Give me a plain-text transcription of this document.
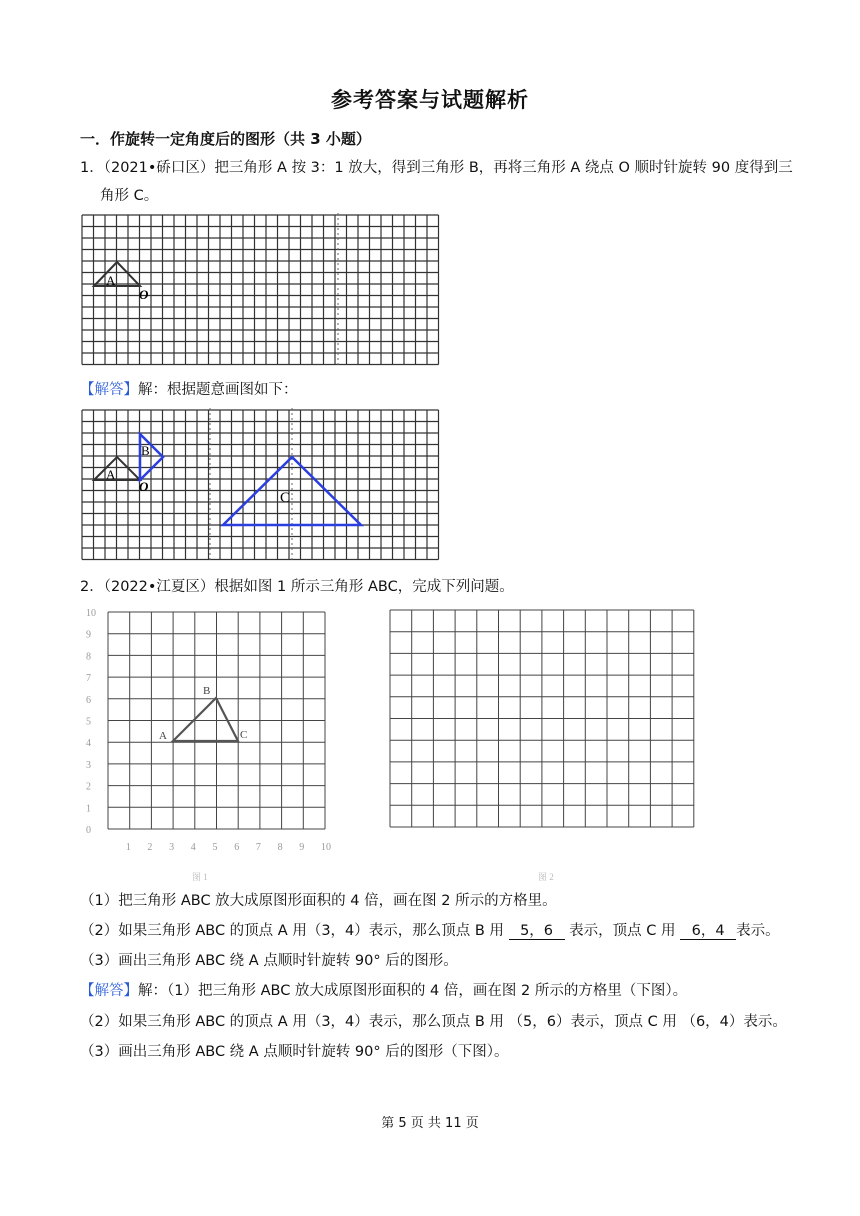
参考答案与试题解析
一．作旋转一定角度后的图形（共 3 小题）
1．（2021•硚口区）把三角形 A 按 3：1 放大，得到三角形 B，再将三角形 A 绕点 O 顺时针旋转 90 度得到三
角形 C。
A
O
【解答】解：根据题意画图如下：
A
B
C
O
2．（2022•江夏区）根据如图 1 所示三角形 ABC，完成下列问题。
0
1
2
3
4
5
6
7
8
9
10
1 2 3 4 5 6 7 8 9 10
A
B
C
图 1	图 2
（1）把三角形 ABC 放大成原图形面积的 4 倍，画在图 2 所示的方格里。
（2）如果三角形 ABC 的顶点 A 用（3，4）表示，那么顶点 B 用 5，6 表示，顶点 C 用 6，4 表示。
（3）画出三角形 ABC 绕 A 点顺时针旋转 90° 后的图形。
【解答】解：（1）把三角形 ABC 放大成原图形面积的 4 倍，画在图 2 所示的方格里（下图）。
（2）如果三角形 ABC 的顶点 A 用（3，4）表示，那么顶点 B 用 （5，6）表示，顶点 C 用 （6，4）表示。
（3）画出三角形 ABC 绕 A 点顺时针旋转 90° 后的图形（下图）。
第 5 页 共 11 页
